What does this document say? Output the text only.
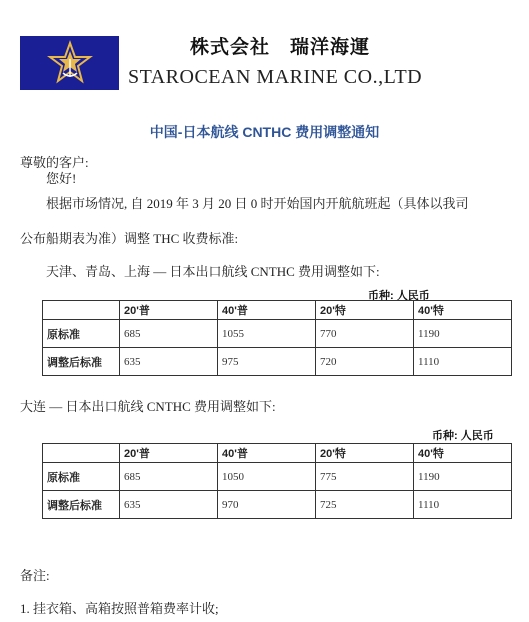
株式会社　瑞洋海運
STAROCEAN MARINE CO.,LTD
中国-日本航线 CNTHC 费用调整通知
尊敬的客户:
您好!
根据市场情况, 自 2019 年 3 月 20 日 0 时开始国内开航航班起（具体以我司
公布船期表为准）调整 THC 收费标准:
天津、青岛、上海 — 日本出口航线 CNTHC 费用调整如下:
币种: 人民币
	20'普	40'普	20'特	40'特
原标准	685	1055	770	1190
调整后标准	635	975	720	1110
大连 — 日本出口航线 CNTHC 费用调整如下:
币种: 人民币
	20'普	40'普	20'特	40'特
原标准	685	1050	775	1190
调整后标准	635	970	725	1110
备注:
1. 挂衣箱、高箱按照普箱费率计收;
